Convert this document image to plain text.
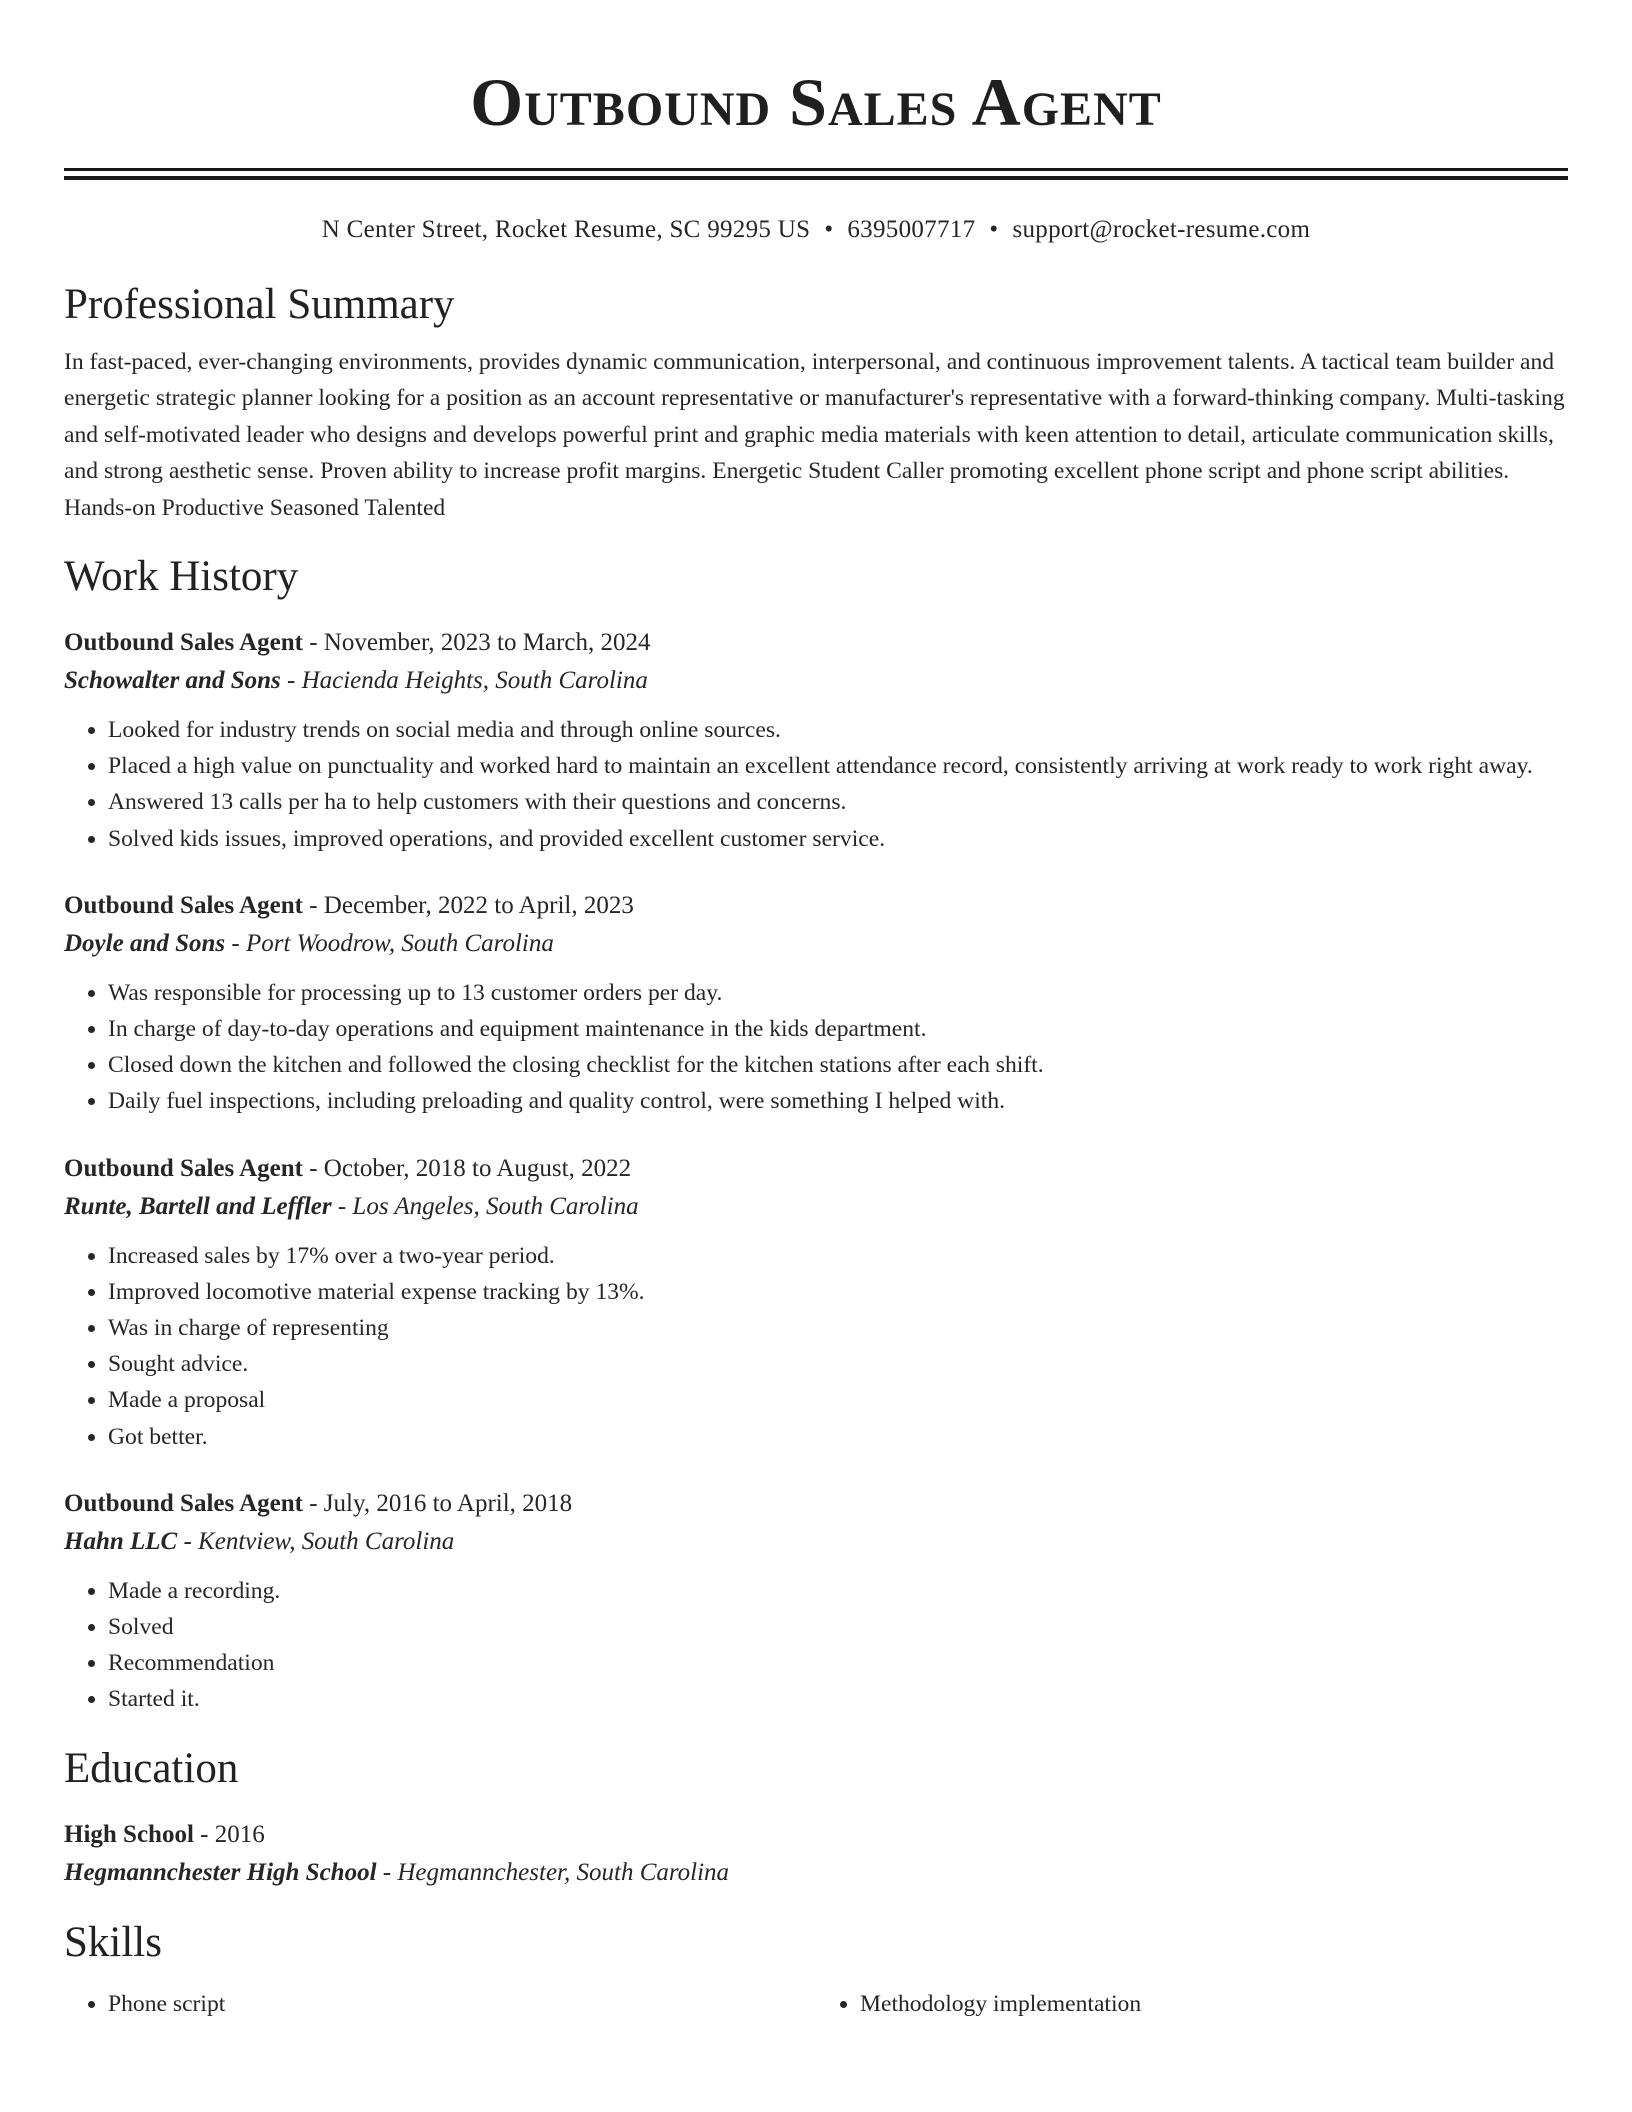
Outbound Sales Agent
N Center Street, Rocket Resume, SC 99295 US • 6395007717 • support@rocket-resume.com
Professional Summary
In fast-paced, ever-changing environments, provides dynamic communication, interpersonal, and continuous improvement talents. A tactical team builder and energetic strategic planner looking for a position as an account representative or manufacturer's representative with a forward-thinking company. Multi-tasking and self-motivated leader who designs and develops powerful print and graphic media materials with keen attention to detail, articulate communication skills, and strong aesthetic sense. Proven ability to increase profit margins. Energetic Student Caller promoting excellent phone script and phone script abilities. Hands-on Productive Seasoned Talented
Work History
Outbound Sales Agent - November, 2023 to March, 2024
Schowalter and Sons - Hacienda Heights, South Carolina
• Looked for industry trends on social media and through online sources.
• Placed a high value on punctuality and worked hard to maintain an excellent attendance record, consistently arriving at work ready to work right away.
• Answered 13 calls per ha to help customers with their questions and concerns.
• Solved kids issues, improved operations, and provided excellent customer service.
Outbound Sales Agent - December, 2022 to April, 2023
Doyle and Sons - Port Woodrow, South Carolina
• Was responsible for processing up to 13 customer orders per day.
• In charge of day-to-day operations and equipment maintenance in the kids department.
• Closed down the kitchen and followed the closing checklist for the kitchen stations after each shift.
• Daily fuel inspections, including preloading and quality control, were something I helped with.
Outbound Sales Agent - October, 2018 to August, 2022
Runte, Bartell and Leffler - Los Angeles, South Carolina
• Increased sales by 17% over a two-year period.
• Improved locomotive material expense tracking by 13%.
• Was in charge of representing
• Sought advice.
• Made a proposal
• Got better.
Outbound Sales Agent - July, 2016 to April, 2018
Hahn LLC - Kentview, South Carolina
• Made a recording.
• Solved
• Recommendation
• Started it.
Education
High School - 2016
Hegmannchester High School - Hegmannchester, South Carolina
Skills
• Phone script
•	Methodology implementation
